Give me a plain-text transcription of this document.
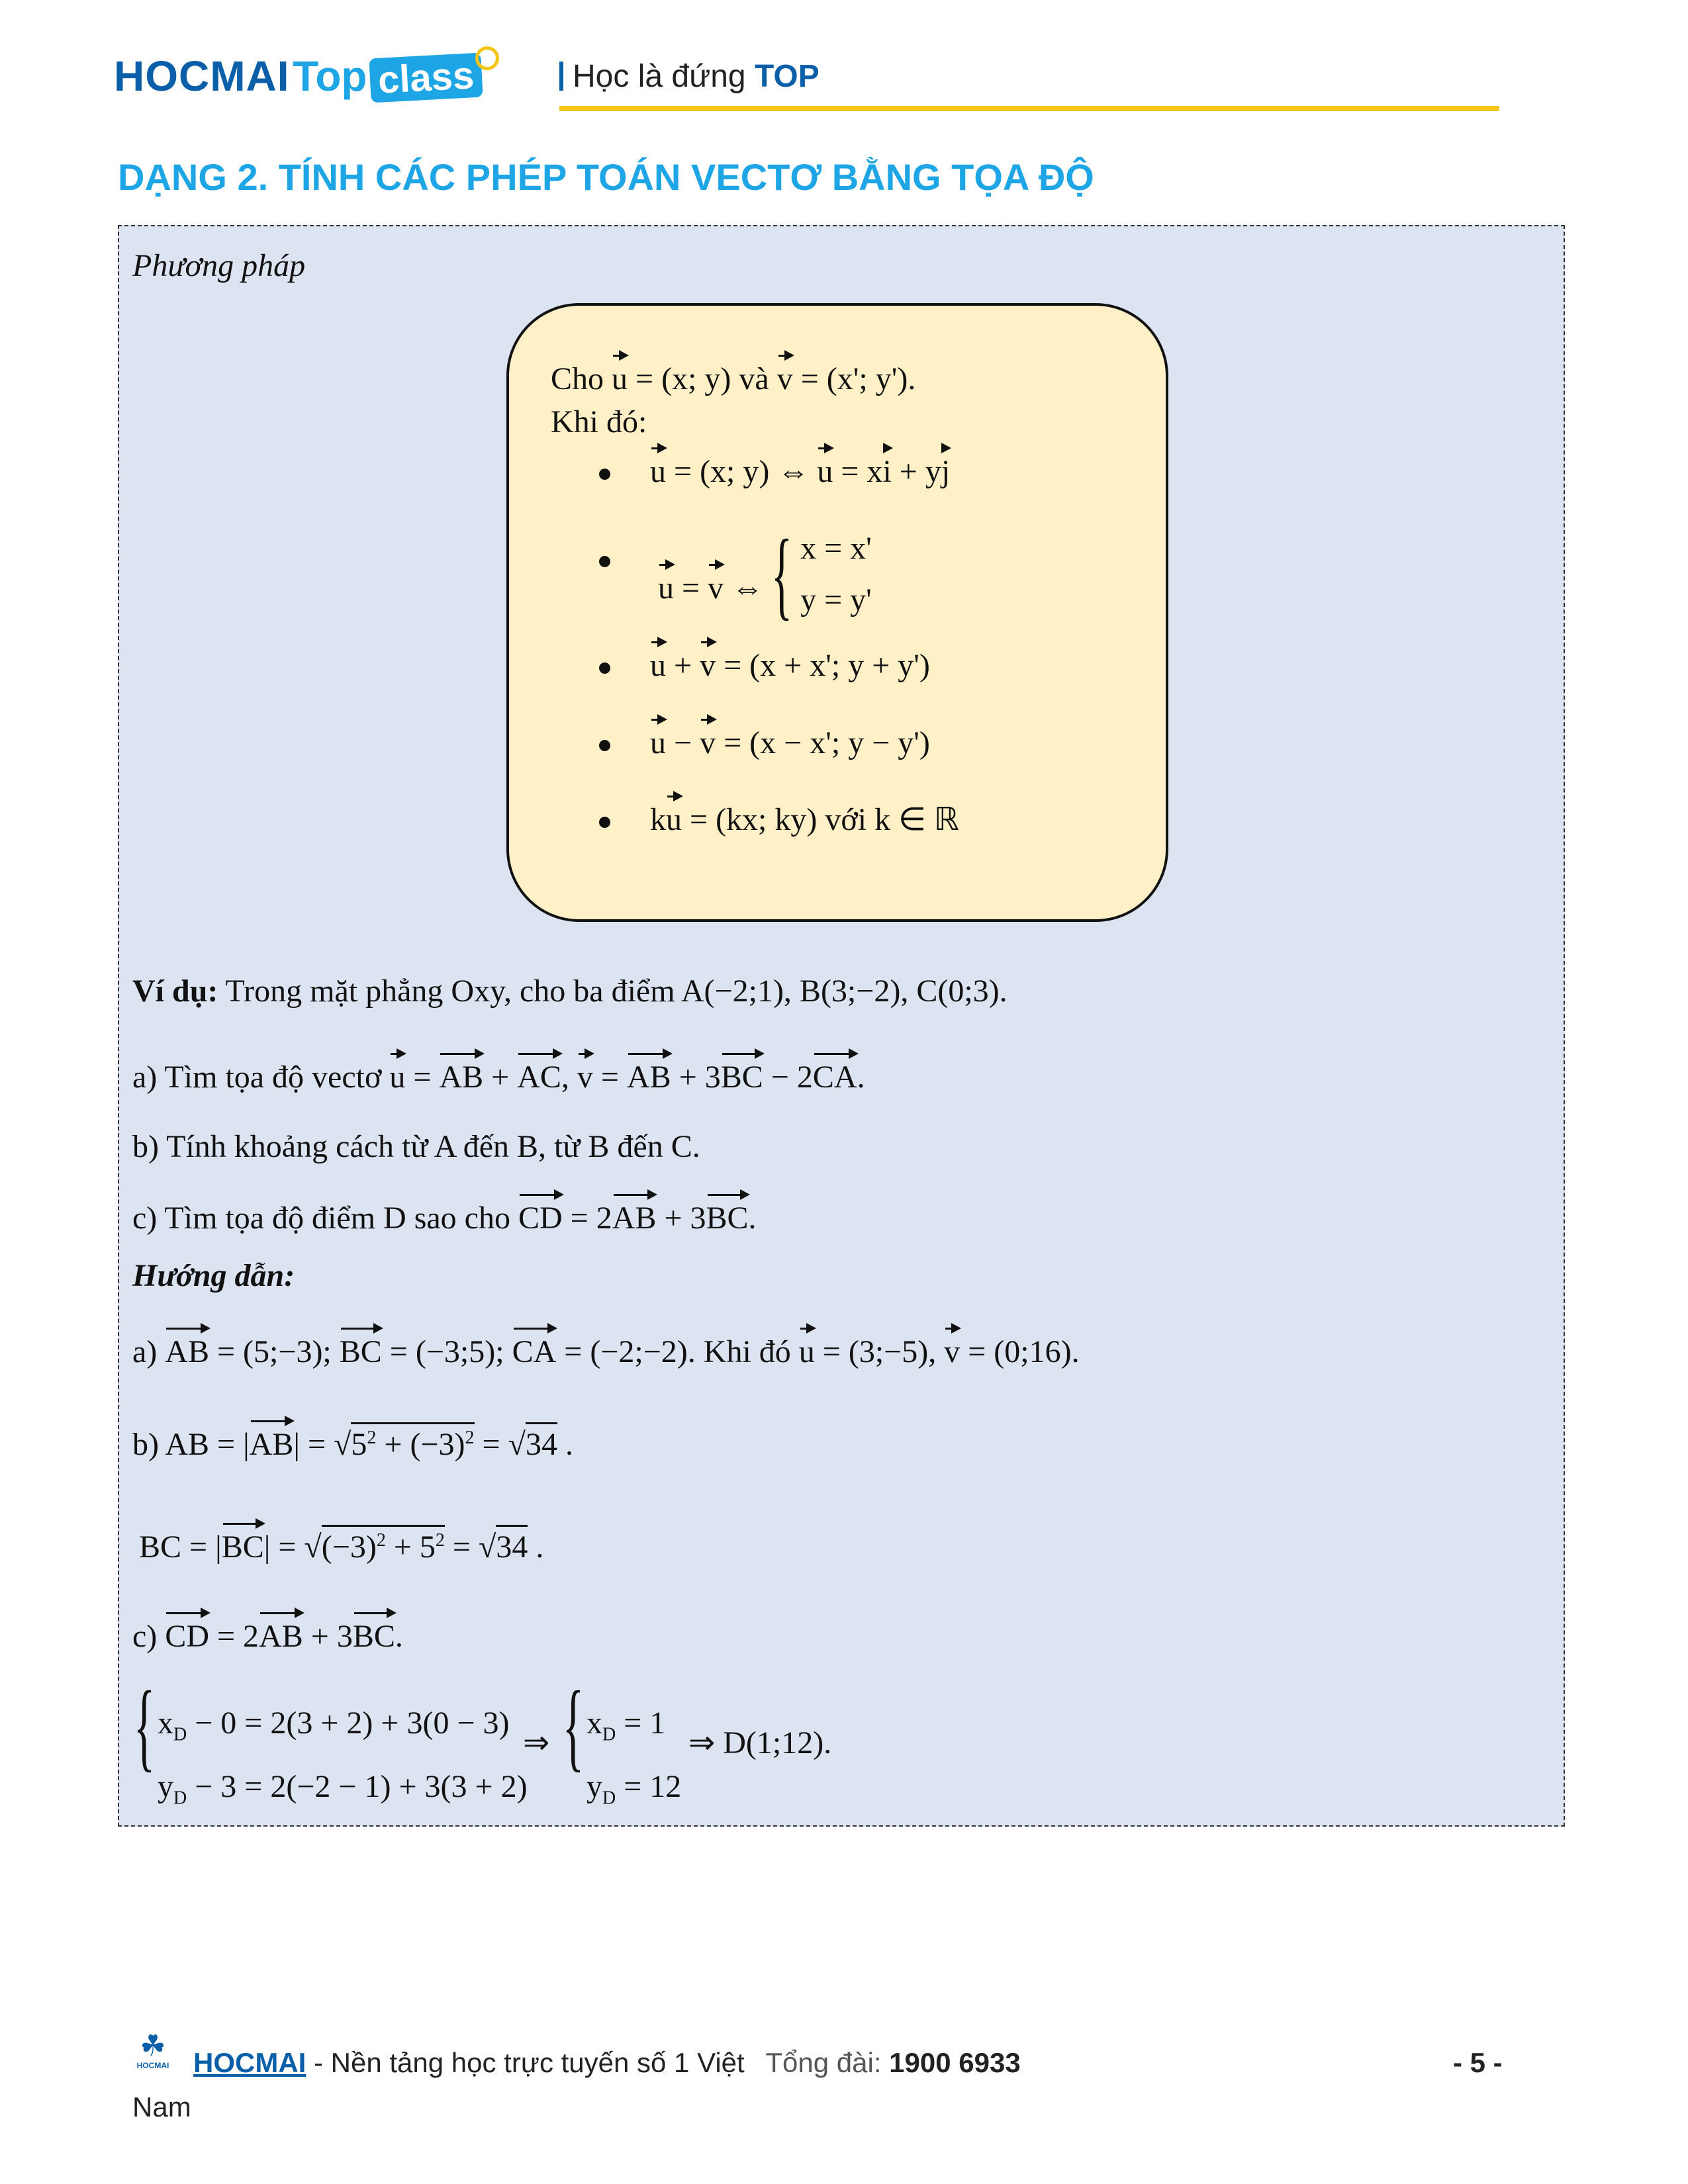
HOCMAI Top class	Học là đứng TOP
DẠNG 2. TÍNH CÁC PHÉP TOÁN VECTƠ BẰNG TỌA ĐỘ
Phương pháp
Cho u = (x; y) và v = (x'; y').
Khi đó:
u = (x; y) ⇔ u = xi + yj
u = v ⇔ { x = x'
y = y'
u + v = (x + x'; y + y')
u − v = (x − x'; y − y')
ku = (kx; ky) với k ∈ ℝ
Ví dụ: Trong mặt phẳng Oxy, cho ba điểm A(−2;1), B(3;−2), C(0;3).
a) Tìm tọa độ vectơ u = AB + AC, v = AB + 3BC − 2CA.
b) Tính khoảng cách từ A đến B, từ B đến C.
c) Tìm tọa độ điểm D sao cho CD = 2AB + 3BC.
Hướng dẫn:
a) AB = (5;−3); BC = (−3;5); CA = (−2;−2). Khi đó u = (3;−5), v = (0;16).
b) AB = $|AB| = √5^2 + (-3)^2 = √34$ .
BC = $|BC| = √(-3)^2 + 5^2 = √34$ .
c) CD = 2AB + 3BC.
{ $x_D - 0 = 2(3 + 2) + 3(0 - 3)$
$y_D - 3 = 2(-2 - 1) + 3(3 + 2)$
⇒ { $x_D = 1$
$y_D = 12$
⇒ D(1;12).
☘
HOCMAI HOCMAI - Nền tảng học trực tuyến số 1 Việt Tổng đài: 1900 6933
Nam
- 5 -
